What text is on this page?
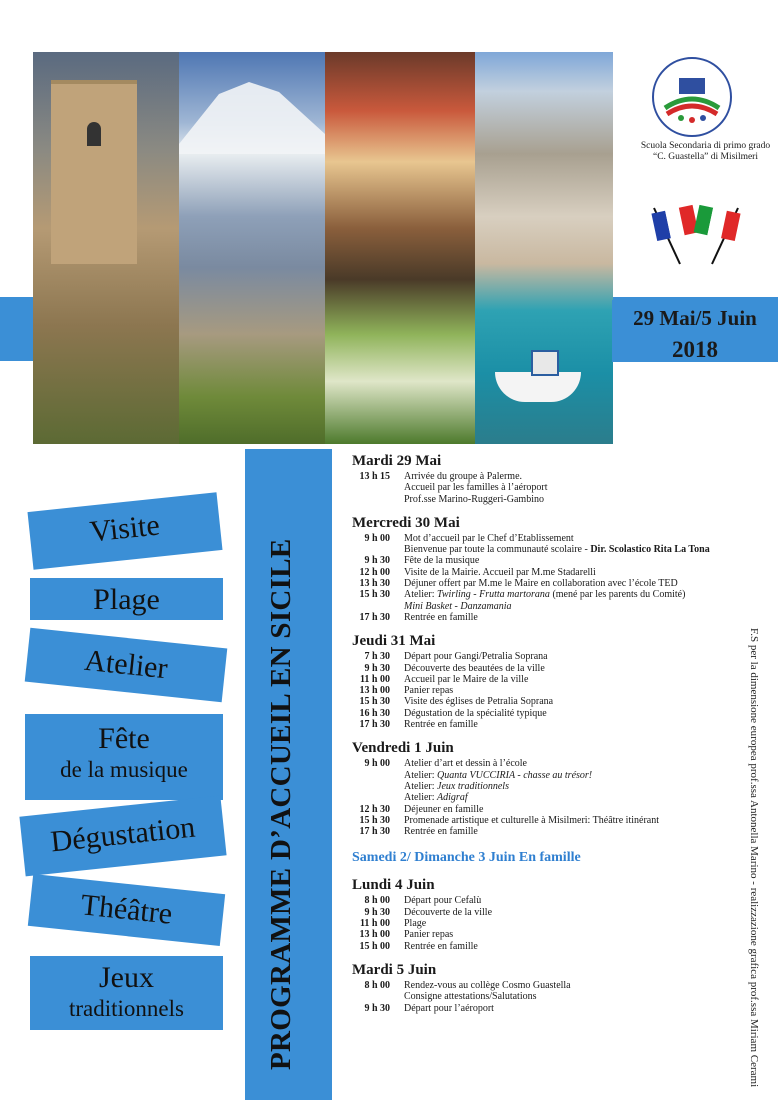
Scuola Secondaria di primo grado
“C. Guastella” di Misilmeri
29 Mai/5 Juin
2018
Visite
Plage
Atelier
Fête
de la musique
Dégustation
Théâtre
Jeux
traditionnels	PROGRAMME D’ACCUEIL EN SICILE
Mardi 29 Mai
13 h 15	Arrivée du groupe à Palerme.
Accueil par les familles à l’aéroport
Prof.sse Marino-Ruggeri-Gambino
Mercredi 30 Mai
9 h 00	Mot d’accueil par le Chef d’Etablissement
Bienvenue par toute la communauté scolaire - Dir. Scolastico Rita La Tona
9 h 30	Fête de la musique
12 h 00	Visite de la Mairie. Accueil par M.me Stadarelli
13 h 30	Déjuner offert par M.me le Maire en collaboration avec l’école TED
15 h 30	Atelier: Twirling - Frutta martorana (mené par les parents du Comité)
Mini Basket - Danzamania
17 h 30	Rentrée en famille
Jeudi 31 Mai
7 h 30	Départ pour Gangi/Petralia Soprana
9 h 30	Découverte des beautées de la ville
11 h 00	Accueil par le Maire de la ville
13 h 00	Panier repas
15 h 30	Visite des églises de Petralia Soprana
16 h 30	Dégustation de la spécialité typique
17 h 30	Rentrée en famille
Vendredi 1 Juin
9 h 00	Atelier d’art et dessin à l’école
Atelier: Quanta VUCCIRIA - chasse au trésor!
Atelier: Jeux traditionnels
Atelier: Adigraf
12 h 30	Déjeuner en famille
15 h 30	Promenade artistique et culturelle à Misilmeri: Théâtre itinérant
17 h 30	Rentrée en famille
Samedi 2/ Dimanche 3 Juin En famille
Lundi 4 Juin
8 h 00	Départ pour Cefalù
9 h 30	Découverte de la ville
11 h 00	Plage
13 h 00	Panier repas
15 h 00	Rentrée en famille
Mardi 5 Juin
8 h 00	Rendez-vous au collège Cosmo Guastella
Consigne attestations/Salutations
9 h 30	Départ pour l’aéroport	F.S per la dimensione europea prof.ssa Antonella Marino - realizzazione grafica prof.ssa Miriam Cerami
